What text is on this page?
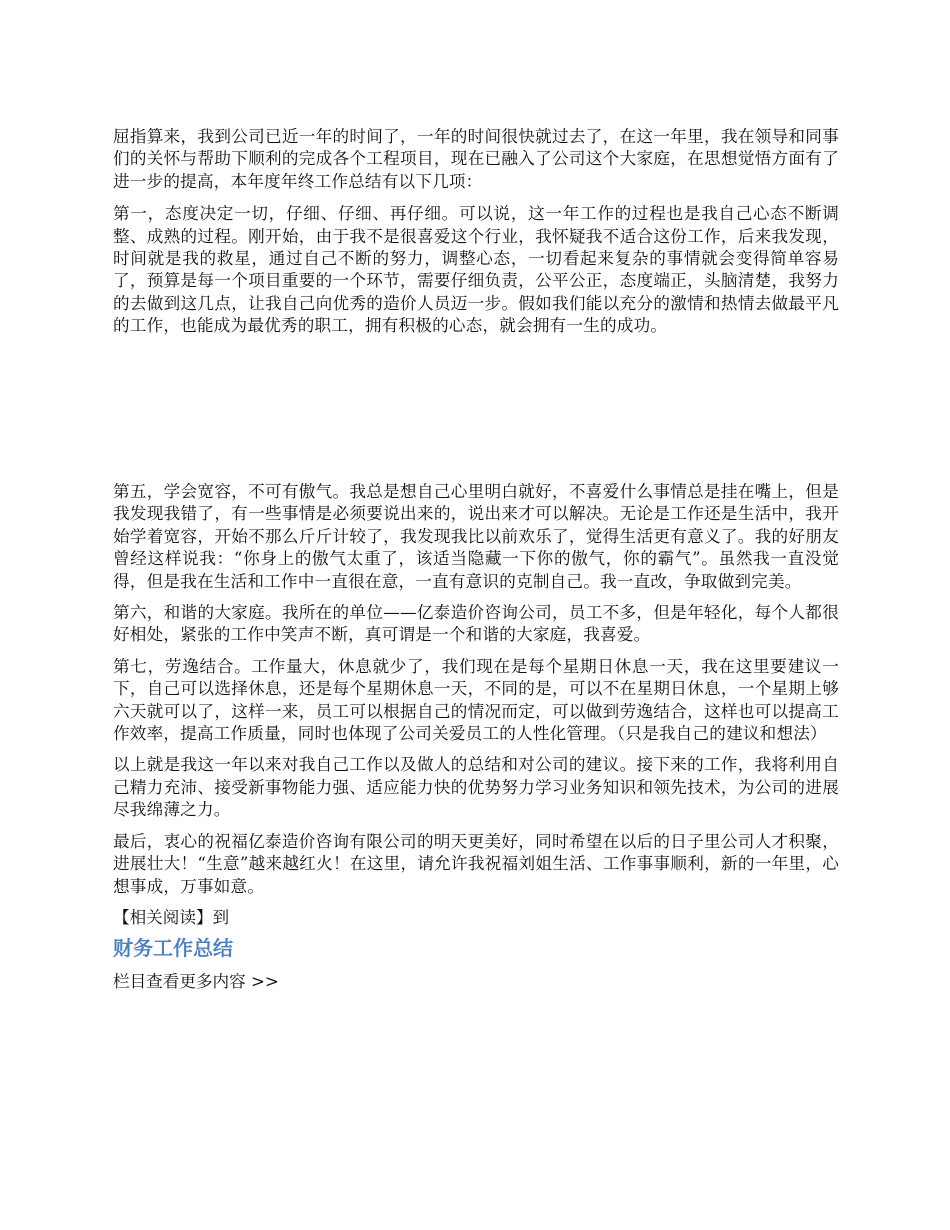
屈指算来，我到公司已近一年的时间了，一年的时间很快就过去了，在这一年里，我在领导和同事们的关怀与帮助下顺利的完成各个工程项目，现在已融入了公司这个大家庭，在思想觉悟方面有了进一步的提高，本年度年终工作总结有以下几项：

第一，态度决定一切，仔细、仔细、再仔细。可以说，这一年工作的过程也是我自己心态不断调整、成熟的过程。刚开始，由于我不是很喜爱这个行业，我怀疑我不适合这份工作，后来我发现，时间就是我的救星，通过自己不断的努力，调整心态，一切看起来复杂的事情就会变得简单容易了，预算是每一个项目重要的一个环节，需要仔细负责，公平公正，态度端正，头脑清楚，我努力的去做到这几点，让我自己向优秀的造价人员迈一步。假如我们能以充分的激情和热情去做最平凡的工作，也能成为最优秀的职工，拥有积极的心态，就会拥有一生的成功。

第五，学会宽容，不可有傲气。我总是想自己心里明白就好，不喜爱什么事情总是挂在嘴上，但是我发现我错了，有一些事情是必须要说出来的，说出来才可以解决。无论是工作还是生活中，我开始学着宽容，开始不那么斤斤计较了，我发现我比以前欢乐了，觉得生活更有意义了。我的好朋友曾经这样说我：“你身上的傲气太重了，该适当隐藏一下你的傲气，你的霸气”。虽然我一直没觉得，但是我在生活和工作中一直很在意，一直有意识的克制自己。我一直改，争取做到完美。

第六，和谐的大家庭。我所在的单位——亿泰造价咨询公司，员工不多，但是年轻化，每个人都很好相处，紧张的工作中笑声不断，真可谓是一个和谐的大家庭，我喜爱。

第七，劳逸结合。工作量大，休息就少了，我们现在是每个星期日休息一天，我在这里要建议一下，自己可以选择休息，还是每个星期休息一天，不同的是，可以不在星期日休息，一个星期上够六天就可以了，这样一来，员工可以根据自己的情况而定，可以做到劳逸结合，这样也可以提高工作效率，提高工作质量，同时也体现了公司关爱员工的人性化管理。（只是我自己的建议和想法）

以上就是我这一年以来对我自己工作以及做人的总结和对公司的建议。接下来的工作，我将利用自己精力充沛、接受新事物能力强、适应能力快的优势努力学习业务知识和领先技术，为公司的进展尽我绵薄之力。

最后，衷心的祝福亿泰造价咨询有限公司的明天更美好，同时希望在以后的日子里公司人才积聚，进展壮大！“生意”越来越红火！在这里，请允许我祝福刘姐生活、工作事事顺利，新的一年里，心想事成，万事如意。

【相关阅读】到

财务工作总结

栏目查看更多内容 >>
